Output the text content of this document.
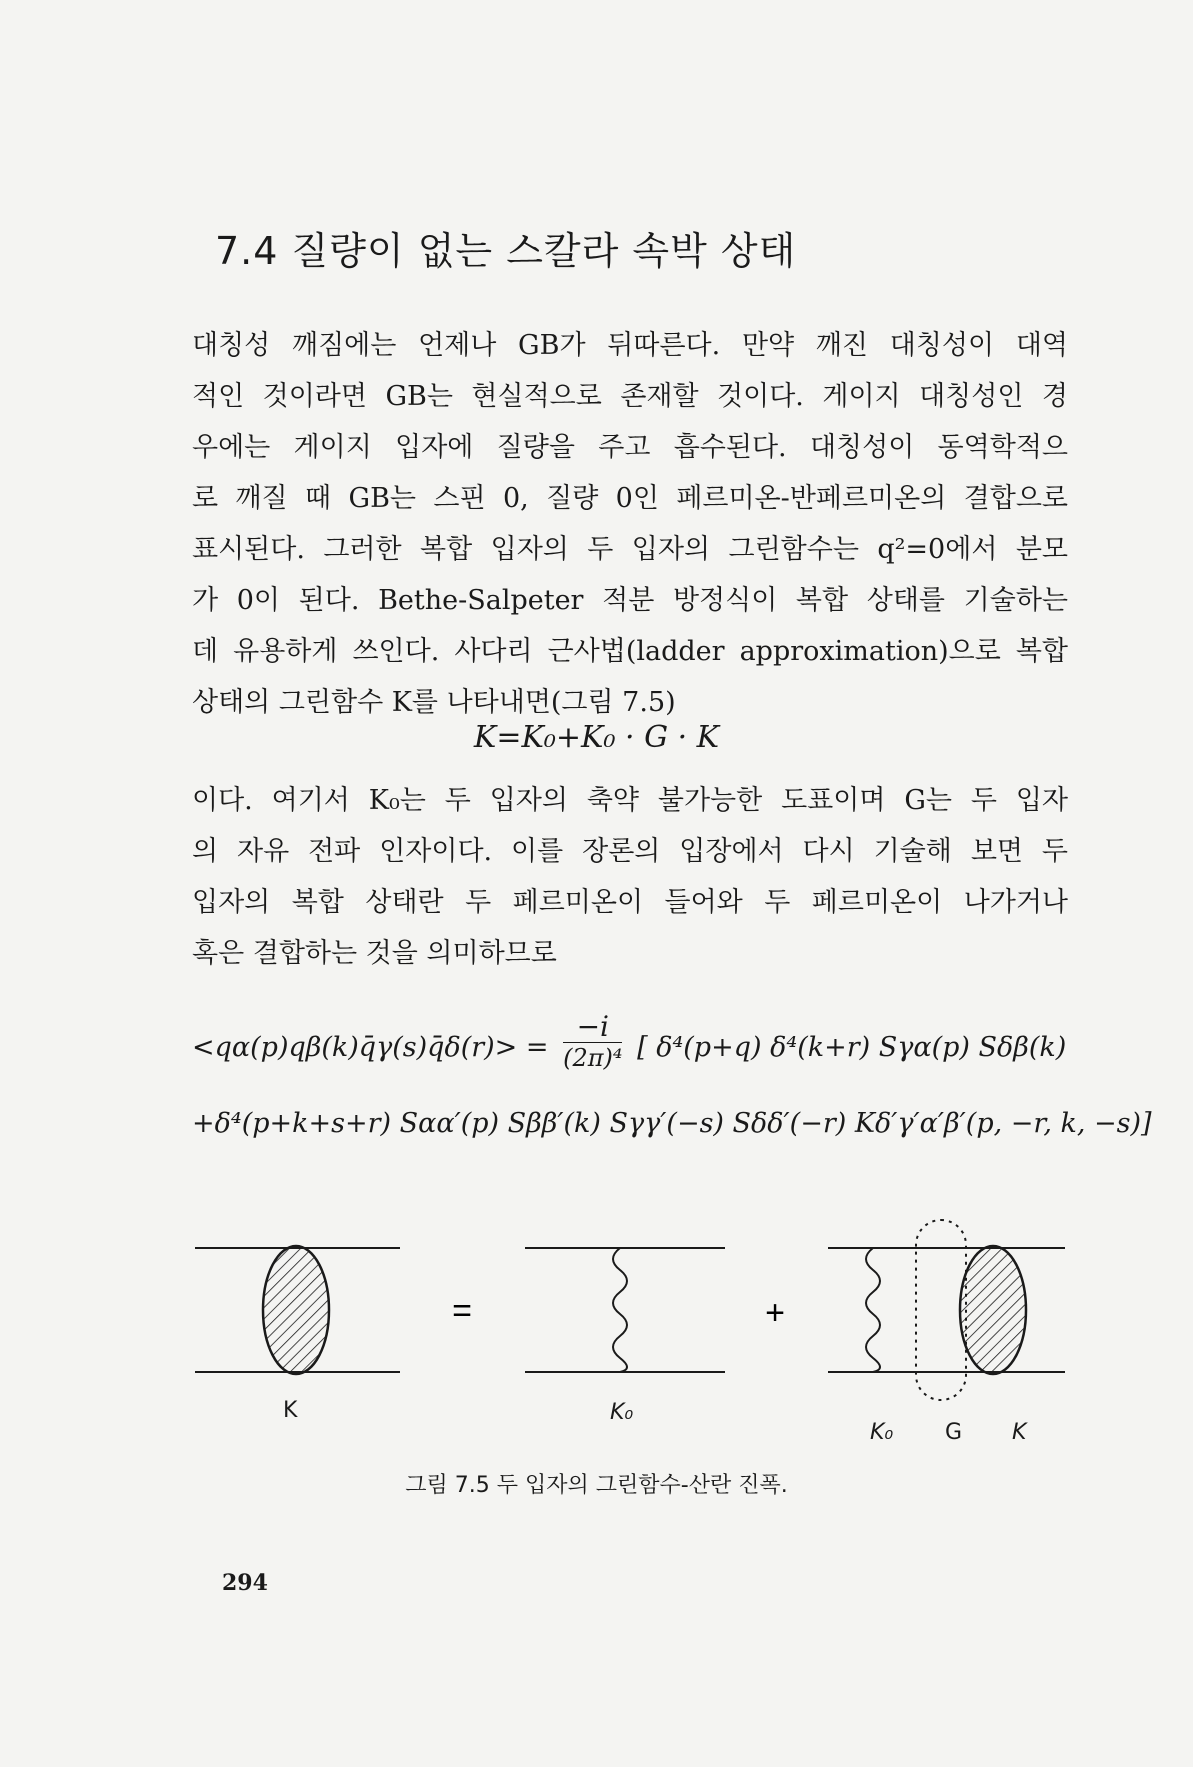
7.4 질량이 없는 스칼라 속박 상태
대칭성 깨짐에는 언제나 GB가 뒤따른다. 만약 깨진 대칭성이 대역
적인 것이라면 GB는 현실적으로 존재할 것이다. 게이지 대칭성인 경
우에는 게이지 입자에 질량을 주고 흡수된다. 대칭성이 동역학적으
로 깨질 때 GB는 스핀 0, 질량 0인 페르미온-반페르미온의 결합으로
표시된다. 그러한 복합 입자의 두 입자의 그린함수는 q²=0에서 분모
가 0이 된다. Bethe-Salpeter 적분 방정식이 복합 상태를 기술하는
데 유용하게 쓰인다. 사다리 근사법(ladder approximation)으로 복합
상태의 그린함수 K를 나타내면(그림 7.5)
K=K₀+K₀ · G · K
이다. 여기서 K₀는 두 입자의 축약 불가능한 도표이며 G는 두 입자
의 자유 전파 인자이다. 이를 장론의 입장에서 다시 기술해 보면 두
입자의 복합 상태란 두 페르미온이 들어와 두 페르미온이 나가거나
혹은 결합하는 것을 의미하므로
<qα(p)qβ(k)q̄γ(s)q̄δ(r)> = $\frac{-i}{\text{(2π)⁴}}$ [ δ⁴(p+q) δ⁴(k+r) Sγα(p) Sδβ(k)
+δ⁴(p+k+s+r) Sαα′(p) Sββ′(k) Sγγ′(−s) Sδδ′(−r) Kδ′γ′α′β′(p, −r, k, −s)]
=	+
K	K₀
K₀ G K
그림 7.5 두 입자의 그린함수-산란 진폭.
294
